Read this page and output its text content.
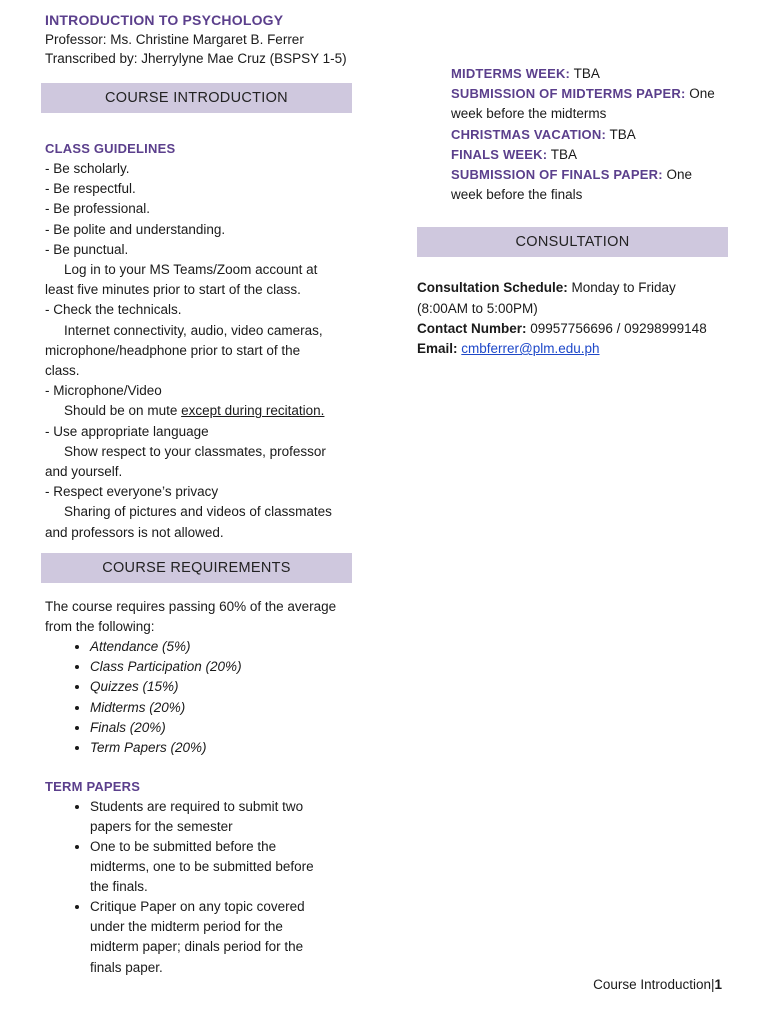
INTRODUCTION TO PSYCHOLOGY
Professor: Ms. Christine Margaret B. Ferrer
Transcribed by: Jherrylyne Mae Cruz (BSPSY 1-5)
COURSE INTRODUCTION
CLASS GUIDELINES
- Be scholarly.
- Be respectful.
- Be professional.
- Be polite and understanding.
- Be punctual.
Log in to your MS Teams/Zoom account at
least five minutes prior to start of the class.
- Check the technicals.
Internet connectivity, audio, video cameras,
microphone/headphone prior to start of the
class.
- Microphone/Video
Should be on mute except during recitation.
- Use appropriate language
Show respect to your classmates, professor
and yourself.
- Respect everyone’s privacy
Sharing of pictures and videos of classmates
and professors is not allowed.
COURSE REQUIREMENTS
The course requires passing 60% of the average
from the following:
• Attendance (5%)
• Class Participation (20%)
• Quizzes (15%)
• Midterms (20%)
• Finals (20%)
• Term Papers (20%)
TERM PAPERS
• Students are required to submit two
papers for the semester
• One to be submitted before the
midterms, one to be submitted before
the finals.
• Critique Paper on any topic covered
under the midterm period for the
midterm paper; dinals period for the
finals paper.
MIDTERMS WEEK: TBA
SUBMISSION OF MIDTERMS PAPER: One
week before the midterms
CHRISTMAS VACATION: TBA
FINALS WEEK: TBA
SUBMISSION OF FINALS PAPER: One
week before the finals
CONSULTATION
Consultation Schedule: Monday to Friday
(8:00AM to 5:00PM)
Contact Number: 09957756696 / 09298999148
Email: cmbferrer@plm.edu.ph
Course Introduction|1
